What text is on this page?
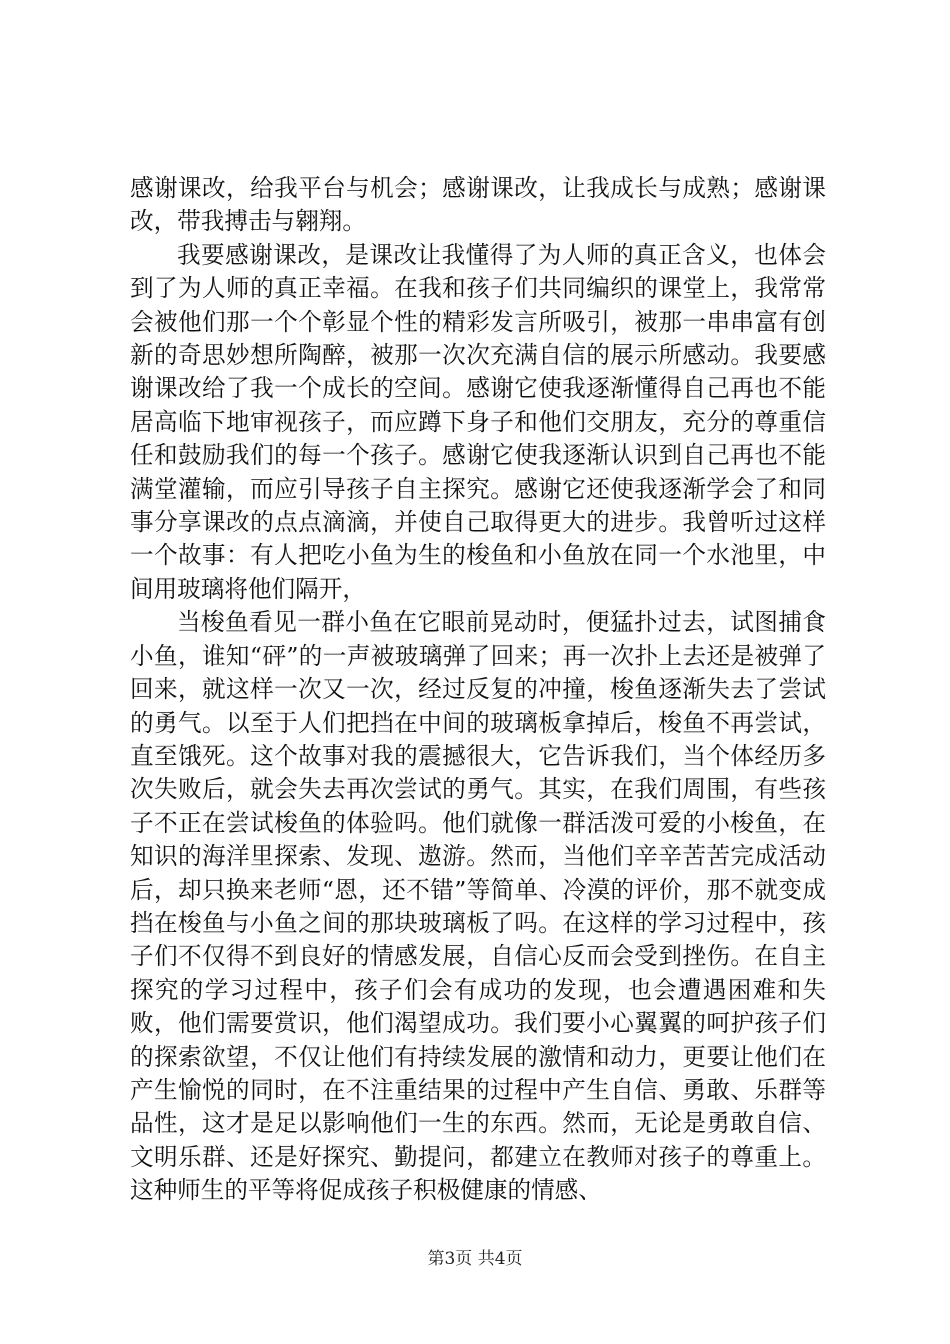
感谢课改，给我平台与机会；感谢课改，让我成长与成熟；感谢课改，带我搏击与翱翔。

我要感谢课改，是课改让我懂得了为人师的真正含义，也体会到了为人师的真正幸福。在我和孩子们共同编织的课堂上，我常常会被他们那一个个彰显个性的精彩发言所吸引，被那一串串富有创新的奇思妙想所陶醉，被那一次次充满自信的展示所感动。我要感谢课改给了我一个成长的空间。感谢它使我逐渐懂得自己再也不能居高临下地审视孩子，而应蹲下身子和他们交朋友，充分的尊重信任和鼓励我们的每一个孩子。感谢它使我逐渐认识到自己再也不能满堂灌输，而应引导孩子自主探究。感谢它还使我逐渐学会了和同事分享课改的点点滴滴，并使自己取得更大的进步。我曾听过这样一个故事：有人把吃小鱼为生的梭鱼和小鱼放在同一个水池里，中间用玻璃将他们隔开，

当梭鱼看见一群小鱼在它眼前晃动时，便猛扑过去，试图捕食小鱼，谁知“砰”的一声被玻璃弹了回来；再一次扑上去还是被弹了回来，就这样一次又一次，经过反复的冲撞，梭鱼逐渐失去了尝试的勇气。以至于人们把挡在中间的玻璃板拿掉后，梭鱼不再尝试，直至饿死。这个故事对我的震撼很大，它告诉我们，当个体经历多次失败后，就会失去再次尝试的勇气。其实，在我们周围，有些孩子不正在尝试梭鱼的体验吗。他们就像一群活泼可爱的小梭鱼，在知识的海洋里探索、发现、遨游。然而，当他们辛辛苦苦完成活动后，却只换来老师“恩，还不错”等简单、冷漠的评价，那不就变成挡在梭鱼与小鱼之间的那块玻璃板了吗。在这样的学习过程中，孩子们不仅得不到良好的情感发展，自信心反而会受到挫伤。在自主探究的学习过程中，孩子们会有成功的发现，也会遭遇困难和失败，他们需要赏识，他们渴望成功。我们要小心翼翼的呵护孩子们的探索欲望，不仅让他们有持续发展的激情和动力，更要让他们在产生愉悦的同时，在不注重结果的过程中产生自信、勇敢、乐群等品性，这才是足以影响他们一生的东西。然而，无论是勇敢自信、文明乐群、还是好探究、勤提问，都建立在教师对孩子的尊重上。这种师生的平等将促成孩子积极健康的情感、

第3页 共4页
